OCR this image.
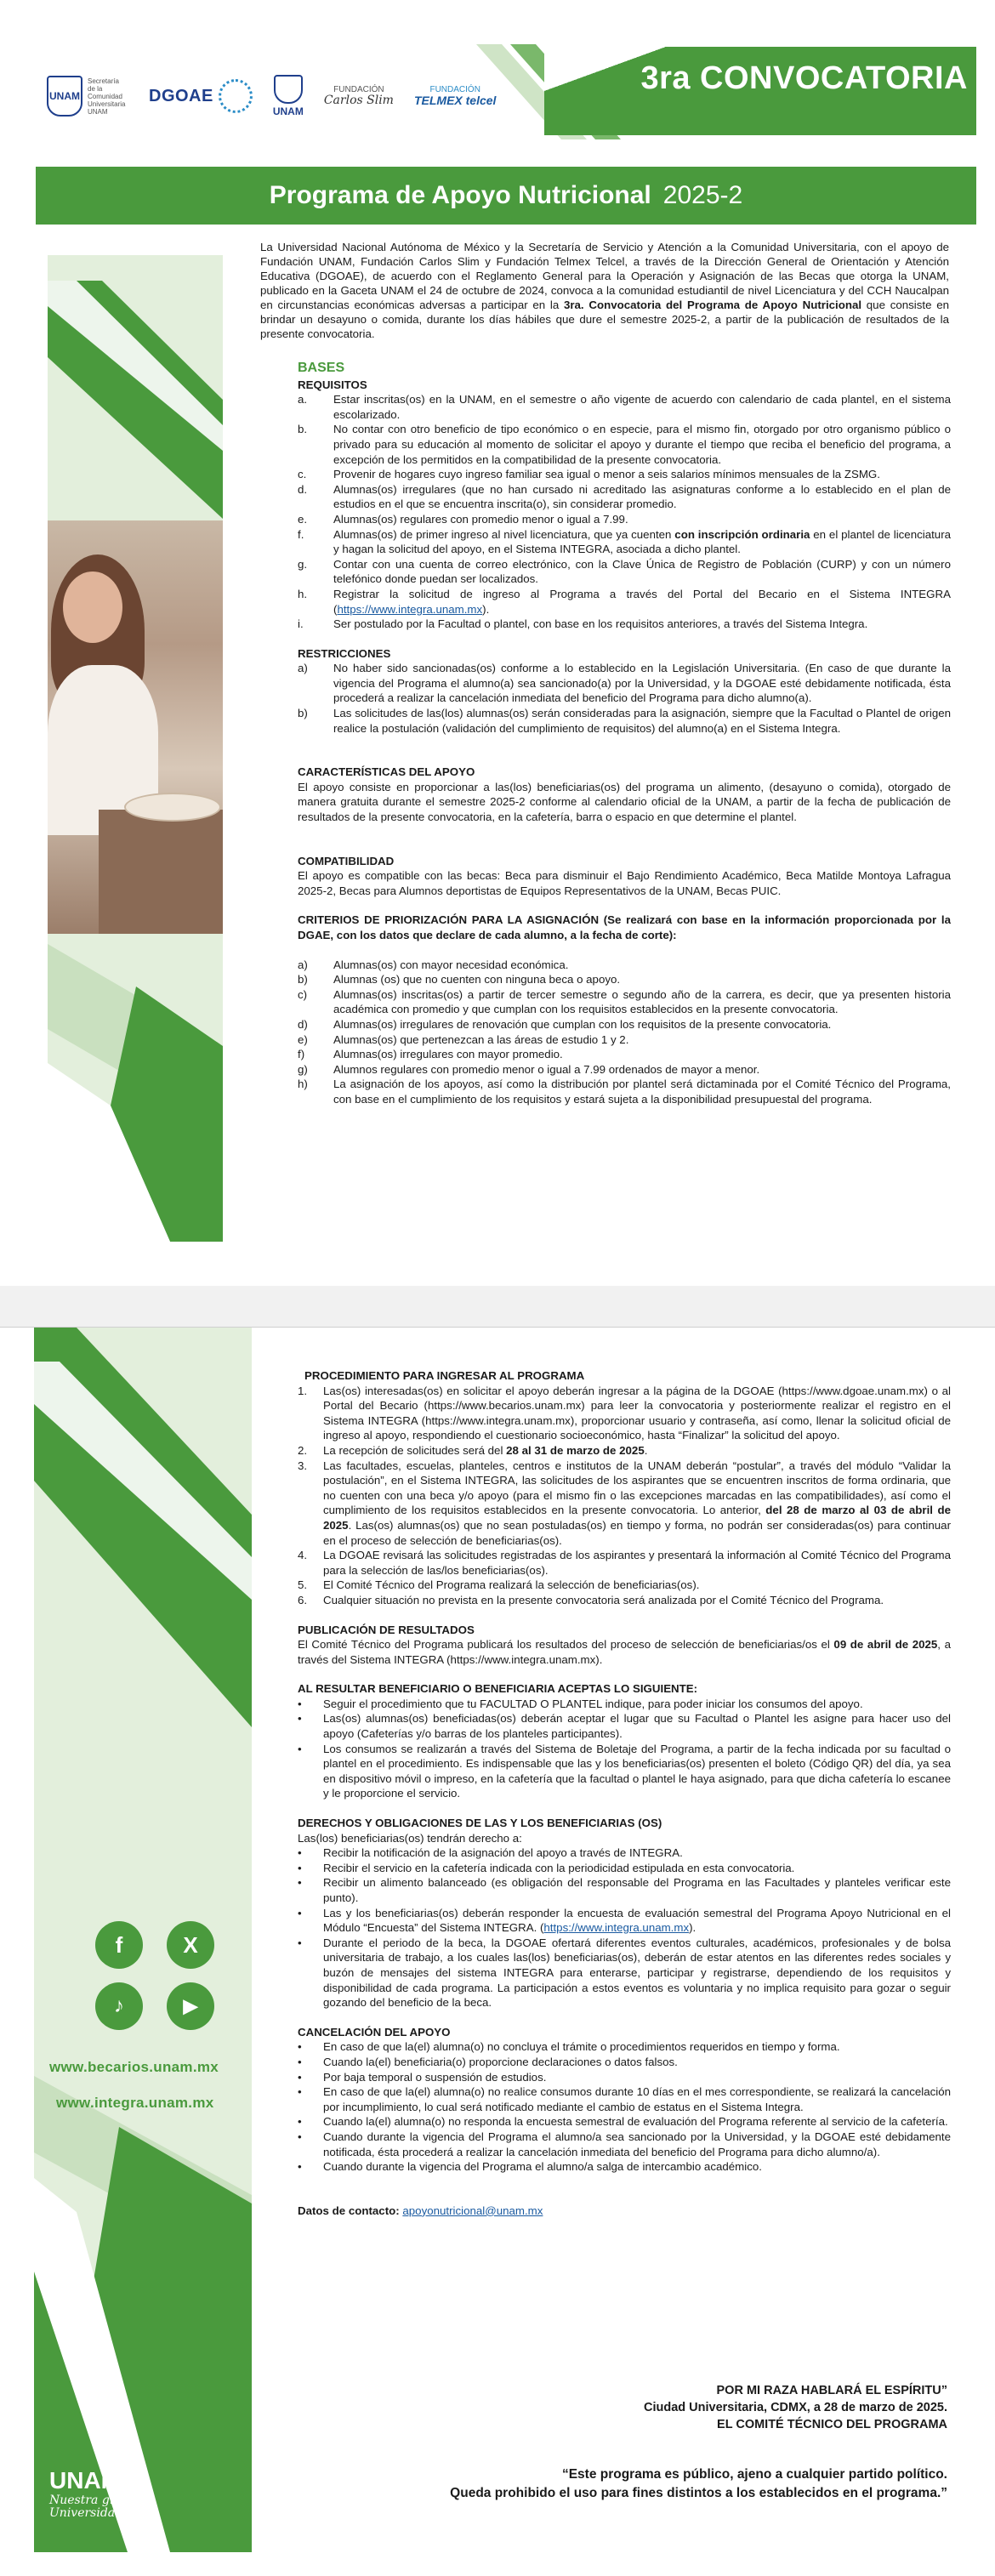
UNAM
Secretaría de la Comunidad Universitaria UNAM
DGOAE
UNAM
FUNDACIÓN
Carlos Slim
FUNDACIÓN
TELMEX telcel
3ra CONVOCATORIA
Programa de Apoyo Nutricional 2025-2

La Universidad Nacional Autónoma de México y la Secretaría de Servicio y Atención a la Comunidad Universitaria, con el apoyo de Fundación UNAM, Fundación Carlos Slim y Fundación Telmex Telcel, a través de la Dirección General de Orientación y Atención Educativa (DGOAE), de acuerdo con el Reglamento General para la Operación y Asignación de las Becas que otorga la UNAM, publicado en la Gaceta UNAM el 24 de octubre de 2024, convoca a la comunidad estudiantil de nivel Licenciatura y del CCH Naucalpan en circunstancias económicas adversas a participar en la 3ra. Convocatoria del Programa de Apoyo Nutricional que consiste en brindar un desayuno o comida, durante los días hábiles que dure el semestre 2025-2, a partir de la publicación de resultados de la presente convocatoria.

BASES

REQUISITOS

a.	Estar inscritas(os) en la UNAM, en el semestre o año vigente de acuerdo con calendario de cada plantel, en el sistema escolarizado.
b.	No contar con otro beneficio de tipo económico o en especie, para el mismo fin, otorgado por otro organismo público o privado para su educación al momento de solicitar el apoyo y durante el tiempo que reciba el beneficio del programa, a excepción de los permitidos en la compatibilidad de la presente convocatoria.
c.	Provenir de hogares cuyo ingreso familiar sea igual o menor a seis salarios mínimos mensuales de la ZSMG.
d.	Alumnas(os) irregulares (que no han cursado ni acreditado las asignaturas conforme a lo establecido en el plan de estudios en el que se encuentra inscrita(o), sin considerar promedio.
e.	Alumnas(os) regulares con promedio menor o igual a 7.99.
f.	Alumnas(os) de primer ingreso al nivel licenciatura, que ya cuenten con inscripción ordinaria en el plantel de licenciatura y hagan la solicitud del apoyo, en el Sistema INTEGRA, asociada a dicho plantel.
g.	Contar con una cuenta de correo electrónico, con la Clave Única de Registro de Población (CURP) y con un número telefónico donde puedan ser localizados.
h.	Registrar la solicitud de ingreso al Programa a través del Portal del Becario en el Sistema INTEGRA (https://www.integra.unam.mx).
i.	Ser postulado por la Facultad o plantel, con base en los requisitos anteriores, a través del Sistema Integra.

RESTRICCIONES

a)	No haber sido sancionadas(os) conforme a lo establecido en la Legislación Universitaria. (En caso de que durante la vigencia del Programa el alumno(a) sea sancionado(a) por la Universidad, y la DGOAE esté debidamente notificada, ésta procederá a realizar la cancelación inmediata del beneficio del Programa para dicho alumno(a).
b)	Las solicitudes de las(los) alumnas(os) serán consideradas para la asignación, siempre que la Facultad o Plantel de origen realice la postulación (validación del cumplimiento de requisitos) del alumno(a) en el Sistema Integra.

CARACTERÍSTICAS DEL APOYO

El apoyo consiste en proporcionar a las(los) beneficiarias(os) del programa un alimento, (desayuno o comida), otorgado de manera gratuita durante el semestre 2025-2 conforme al calendario oficial de la UNAM, a partir de la fecha de publicación de resultados de la presente convocatoria, en la cafetería, barra o espacio en que determine el plantel.

COMPATIBILIDAD

El apoyo es compatible con las becas: Beca para disminuir el Bajo Rendimiento Académico, Beca Matilde Montoya Lafragua 2025-2, Becas para Alumnos deportistas de Equipos Representativos de la UNAM, Becas PUIC.

CRITERIOS DE PRIORIZACIÓN PARA LA ASIGNACIÓN (Se realizará con base en la información proporcionada por la DGAE, con los datos que declare de cada alumno, a la fecha de corte):

a)	Alumnas(os) con mayor necesidad económica.
b)	Alumnas (os) que no cuenten con ninguna beca o apoyo.
c)	Alumnas(os) inscritas(os) a partir de tercer semestre o segundo año de la carrera, es decir, que ya presenten historia académica con promedio y que cumplan con los requisitos establecidos en la presente convocatoria.
d)	Alumnas(os) irregulares de renovación que cumplan con los requisitos de la presente convocatoria.
e)	Alumnas(os) que pertenezcan a las áreas de estudio 1 y 2.
f)	Alumnas(os) irregulares con mayor promedio.
g)	Alumnos regulares con promedio menor o igual a 7.99 ordenados de mayor a menor.
h)	La asignación de los apoyos, así como la distribución por plantel será dictaminada por el Comité Técnico del Programa, con base en el cumplimiento de los requisitos y estará sujeta a la disponibilidad presupuestal del programa.
f	X
♪	▶
www.becarios.unam.mx
www.integra.unam.mx
UNAM
Nuestra gran Universidad

PROCEDIMIENTO PARA INGRESAR AL PROGRAMA

1.	Las(os) interesadas(os) en solicitar el apoyo deberán ingresar a la página de la DGOAE (https://www.dgoae.unam.mx) o al Portal del Becario (https://www.becarios.unam.mx) para leer la convocatoria y posteriormente realizar el registro en el Sistema INTEGRA (https://www.integra.unam.mx), proporcionar usuario y contraseña, así como, llenar la solicitud oficial de ingreso al apoyo, respondiendo el cuestionario socioeconómico, hasta “Finalizar” la solicitud del apoyo.
2.	La recepción de solicitudes será del 28 al 31 de marzo de 2025.
3.	Las facultades, escuelas, planteles, centros e institutos de la UNAM deberán “postular”, a través del módulo “Validar la postulación”, en el Sistema INTEGRA, las solicitudes de los aspirantes que se encuentren inscritos de forma ordinaria, que no cuenten con una beca y/o apoyo (para el mismo fin o las excepciones marcadas en las compatibilidades), así como el cumplimiento de los requisitos establecidos en la presente convocatoria. Lo anterior, del 28 de marzo al 03 de abril de 2025. Las(os) alumnas(os) que no sean postuladas(os) en tiempo y forma, no podrán ser consideradas(os) para continuar en el proceso de selección de beneficiarias(os).
4.	La DGOAE revisará las solicitudes registradas de los aspirantes y presentará la información al Comité Técnico del Programa para la selección de las/los beneficiarias(os).
5.	El Comité Técnico del Programa realizará la selección de beneficiarias(os).
6.	Cualquier situación no prevista en la presente convocatoria será analizada por el Comité Técnico del Programa.

PUBLICACIÓN DE RESULTADOS

El Comité Técnico del Programa publicará los resultados del proceso de selección de beneficiarias/os el 09 de abril de 2025, a través del Sistema INTEGRA (https://www.integra.unam.mx).

AL RESULTAR BENEFICIARIO O BENEFICIARIA ACEPTAS LO SIGUIENTE:

•	Seguir el procedimiento que tu FACULTAD O PLANTEL indique, para poder iniciar los consumos del apoyo.
•	Las(os) alumnas(os) beneficiadas(os) deberán aceptar el lugar que su Facultad o Plantel les asigne para hacer uso del apoyo (Cafeterías y/o barras de los planteles participantes).
•	Los consumos se realizarán a través del Sistema de Boletaje del Programa, a partir de la fecha indicada por su facultad o plantel en el procedimiento. Es indispensable que las y los beneficiarias(os) presenten el boleto (Código QR) del día, ya sea en dispositivo móvil o impreso, en la cafetería que la facultad o plantel le haya asignado, para que dicha cafetería lo escanee y le proporcione el servicio.

DERECHOS Y OBLIGACIONES DE LAS Y LOS BENEFICIARIAS (OS)

Las(los) beneficiarias(os) tendrán derecho a:

•	Recibir la notificación de la asignación del apoyo a través de INTEGRA.
•	Recibir el servicio en la cafetería indicada con la periodicidad estipulada en esta convocatoria.
•	Recibir un alimento balanceado (es obligación del responsable del Programa en las Facultades y planteles verificar este punto).
•	Las y los beneficiarias(os) deberán responder la encuesta de evaluación semestral del Programa Apoyo Nutricional en el Módulo “Encuesta” del Sistema INTEGRA. (https://www.integra.unam.mx).
•	Durante el periodo de la beca, la DGOAE ofertará diferentes eventos culturales, académicos, profesionales y de bolsa universitaria de trabajo, a los cuales las(los) beneficiarias(os), deberán de estar atentos en las diferentes redes sociales y buzón de mensajes del sistema INTEGRA para enterarse, participar y registrarse, dependiendo de los requisitos y disponibilidad de cada programa. La participación a estos eventos es voluntaria y no implica requisito para gozar o seguir gozando del beneficio de la beca.

CANCELACIÓN DEL APOYO

•	En caso de que la(el) alumna(o) no concluya el trámite o procedimientos requeridos en tiempo y forma.
•	Cuando la(el) beneficiaria(o) proporcione declaraciones o datos falsos.
•	Por baja temporal o suspensión de estudios.
•	En caso de que la(el) alumna(o) no realice consumos durante 10 días en el mes correspondiente, se realizará la cancelación por incumplimiento, lo cual será notificado mediante el cambio de estatus en el Sistema Integra.
•	Cuando la(el) alumna(o) no responda la encuesta semestral de evaluación del Programa referente al servicio de la cafetería.
•	Cuando durante la vigencia del Programa el alumno/a sea sancionado por la Universidad, y la DGOAE esté debidamente notificada, ésta procederá a realizar la cancelación inmediata del beneficio del Programa para dicho alumno/a).
•	Cuando durante la vigencia del Programa el alumno/a salga de intercambio académico.

Datos de contacto: apoyonutricional@unam.mx

POR MI RAZA HABLARÁ EL ESPÍRITU”
Ciudad Universitaria, CDMX, a 28 de marzo de 2025.
EL COMITÉ TÉCNICO DEL PROGRAMA
“Este programa es público, ajeno a cualquier partido político.
Queda prohibido el uso para fines distintos a los establecidos en el programa.”
